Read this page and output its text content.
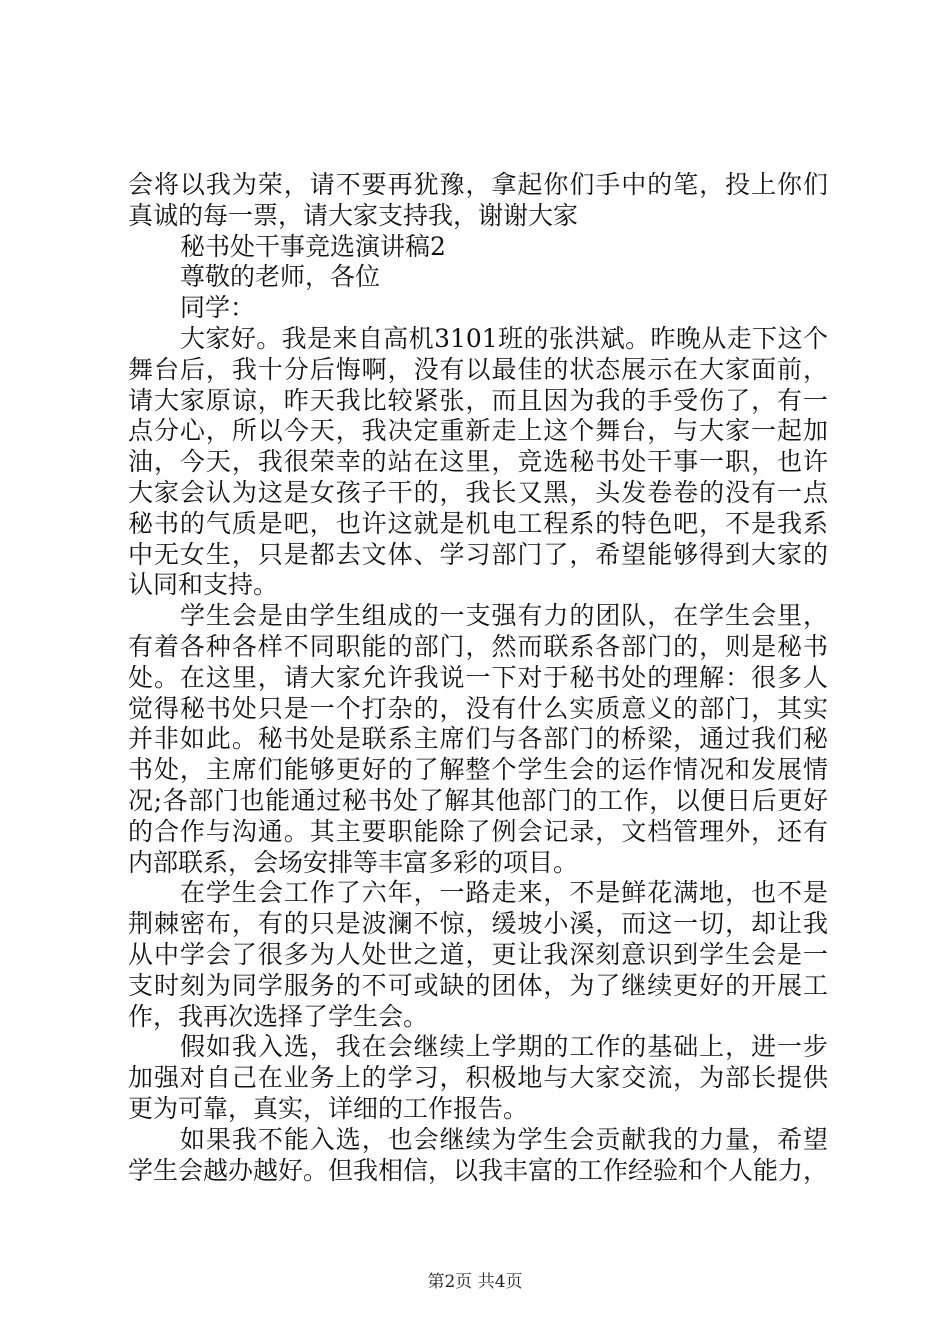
会将以我为荣，请不要再犹豫，拿起你们手中的笔，投上你们
真诚的每一票，请大家支持我，谢谢大家
秘书处干事竞选演讲稿2
尊敬的老师，各位
同学：
大家好。我是来自高机3101班的张洪斌。昨晚从走下这个
舞台后，我十分后悔啊，没有以最佳的状态展示在大家面前，
请大家原谅，昨天我比较紧张，而且因为我的手受伤了，有一
点分心，所以今天，我决定重新走上这个舞台，与大家一起加
油，今天，我很荣幸的站在这里，竞选秘书处干事一职，也许
大家会认为这是女孩子干的，我长又黑，头发卷卷的没有一点
秘书的气质是吧，也许这就是机电工程系的特色吧，不是我系
中无女生，只是都去文体、学习部门了，希望能够得到大家的
认同和支持。
学生会是由学生组成的一支强有力的团队，在学生会里，
有着各种各样不同职能的部门，然而联系各部门的，则是秘书
处。在这里，请大家允许我说一下对于秘书处的理解：很多人
觉得秘书处只是一个打杂的，没有什么实质意义的部门，其实
并非如此。秘书处是联系主席们与各部门的桥梁，通过我们秘
书处，主席们能够更好的了解整个学生会的运作情况和发展情
况;各部门也能通过秘书处了解其他部门的工作，以便日后更好
的合作与沟通。其主要职能除了例会记录，文档管理外，还有
内部联系，会场安排等丰富多彩的项目。
在学生会工作了六年，一路走来，不是鲜花满地，也不是
荆棘密布，有的只是波澜不惊，缓坡小溪，而这一切，却让我
从中学会了很多为人处世之道，更让我深刻意识到学生会是一
支时刻为同学服务的不可或缺的团体，为了继续更好的开展工
作，我再次选择了学生会。
假如我入选，我在会继续上学期的工作的基础上，进一步
加强对自己在业务上的学习，积极地与大家交流，为部长提供
更为可靠，真实，详细的工作报告。
如果我不能入选，也会继续为学生会贡献我的力量，希望
学生会越办越好。但我相信，以我丰富的工作经验和个人能力，
第2页 共4页
